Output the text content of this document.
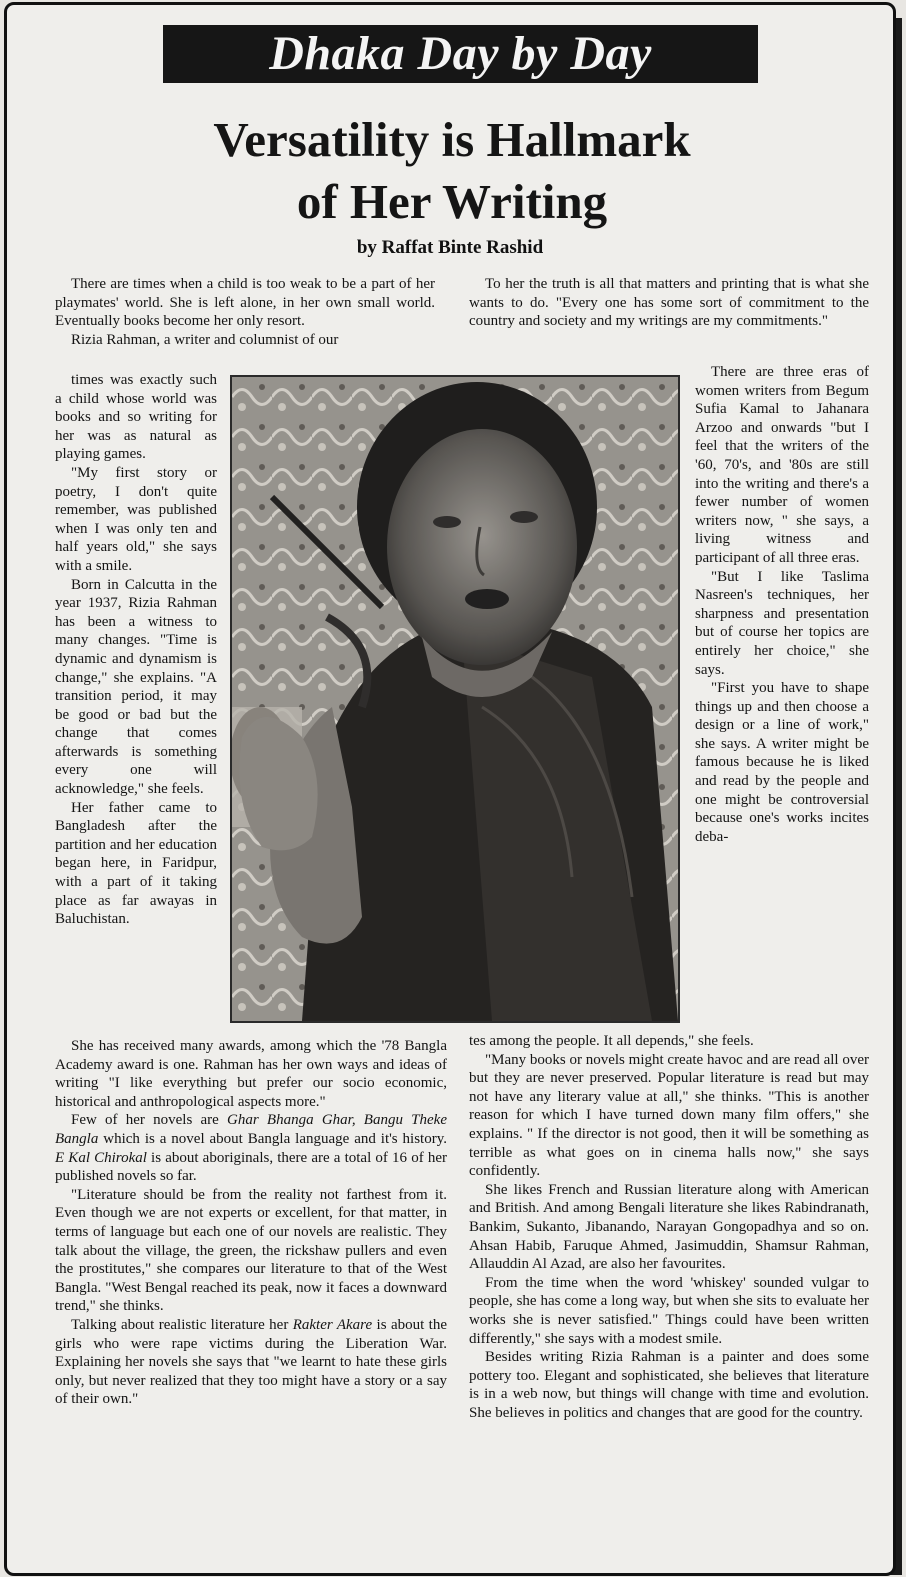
Dhaka Day by Day
Versatility is Hallmark
of Her Writing
by Raffat Binte Rashid

There are times when a child is too weak to be a part of her playmates' world. She is left alone, in her own small world. Eventually books become her only resort.

Rizia Rahman, a writer and columnist of our

times was exactly such a child whose world was books and so writing for her was as natural as playing games.

"My first story or poetry, I don't quite remember, was published when I was only ten and half years old," she says with a smile.

Born in Calcutta in the year 1937, Rizia Rahman has been a witness to many changes. "Time is dynamic and dynamism is change," she explains. "A transition period, it may be good or bad but the change that comes afterwards is something every one will acknowledge," she feels.

Her father came to Bangladesh after the partition and her education began here, in Faridpur, with a part of it taking place as far awayas in Baluchistan.

To her the truth is all that matters and printing that is what she wants to do. "Every one has some sort of commitment to the country and society and my writings are my commitments."

There are three eras of women writers from Begum Sufia Kamal to Jahanara Arzoo and onwards "but I feel that the writers of the '60, 70's, and '80s are still into the writing and there's a fewer number of women writers now, " she says, a living witness and participant of all three eras.

"But I like Taslima Nasreen's techniques, her sharpness and presentation but of course her topics are entirely her choice," she says.

"First you have to shape things up and then choose a design or a line of work," she says. A writer might be famous because he is liked and read by the people and one might be controversial because one's works incites deba-

She has received many awards, among which the '78 Bangla Academy award is one. Rahman has her own ways and ideas of writing "I like everything but prefer our socio economic, historical and anthropological aspects more."

Few of her novels are Ghar Bhanga Ghar, Bangu Theke Bangla which is a novel about Bangla language and it's history. E Kal Chirokal is about aboriginals, there are a total of 16 of her published novels so far.

"Literature should be from the reality not farthest from it. Even though we are not experts or excellent, for that matter, in terms of language but each one of our novels are realistic. They talk about the village, the green, the rickshaw pullers and even the prostitutes," she compares our literature to that of the West Bangla. "West Bengal reached its peak, now it faces a downward trend," she thinks.

Talking about realistic literature her Rakter Akare is about the girls who were rape victims during the Liberation War. Explaining her novels she says that "we learnt to hate these girls only, but never realized that they too might have a story or a say of their own."

tes among the people. It all depends," she feels.

"Many books or novels might create havoc and are read all over but they are never preserved. Popular literature is read but may not have any literary value at all," she thinks. "This is another reason for which I have turned down many film offers," she explains. " If the director is not good, then it will be something as terrible as what goes on in cinema halls now," she says confidently.

She likes French and Russian literature along with American and British. And among Bengali literature she likes Rabindranath, Bankim, Sukanto, Jibanando, Narayan Gongopadhya and so on. Ahsan Habib, Faruque Ahmed, Jasimuddin, Shamsur Rahman, Allauddin Al Azad, are also her favourites.

From the time when the word 'whiskey' sounded vulgar to people, she has come a long way, but when she sits to evaluate her works she is never satisfied." Things could have been written differently," she says with a modest smile.

Besides writing Rizia Rahman is a painter and does some pottery too. Elegant and sophisticated, she believes that literature is in a web now, but things will change with time and evolution. She believes in politics and changes that are good for the country.
